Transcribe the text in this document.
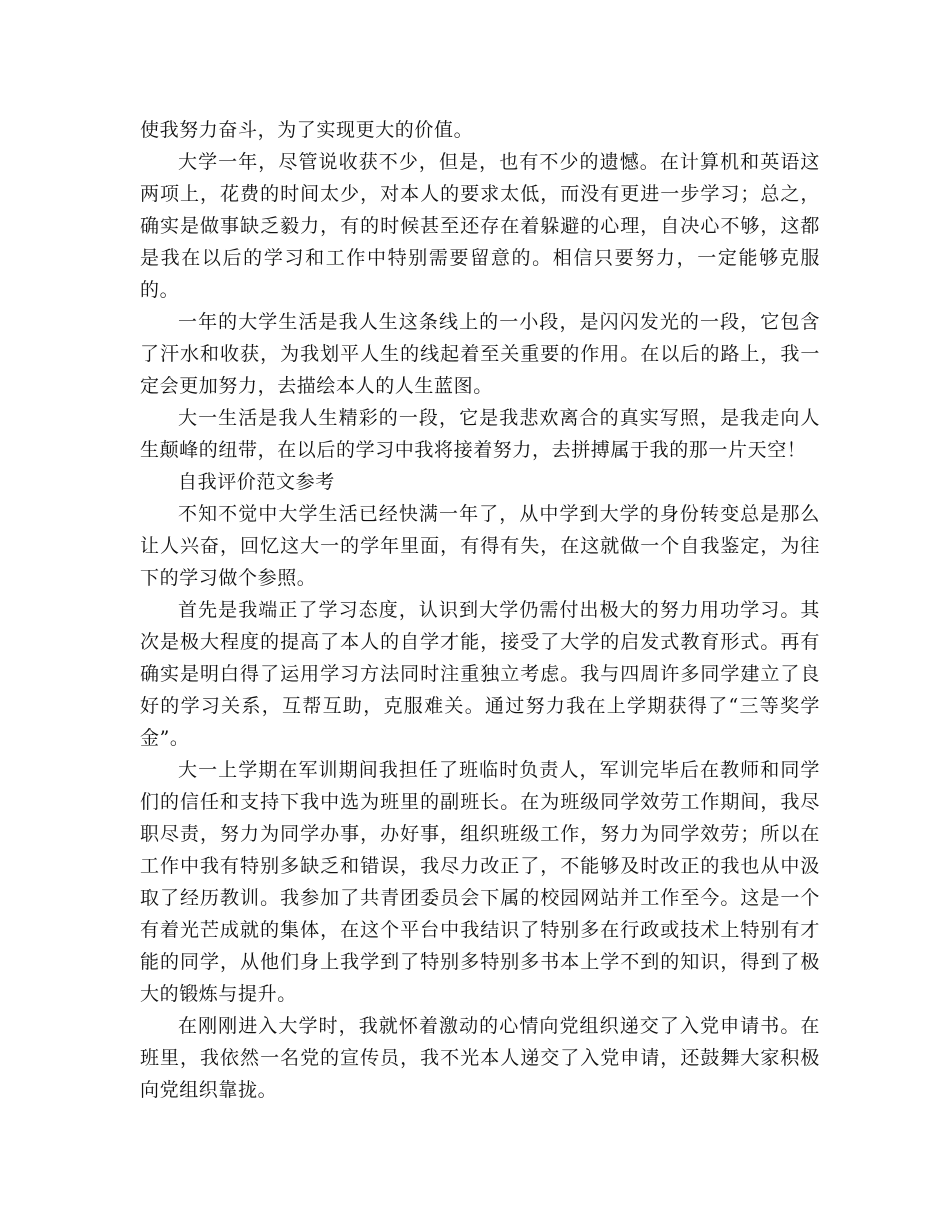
使我努力奋斗，为了实现更大的价值。

大学一年，尽管说收获不少，但是，也有不少的遗憾。在计算机和英语这两项上，花费的时间太少，对本人的要求太低，而没有更进一步学习；总之，确实是做事缺乏毅力，有的时候甚至还存在着躲避的心理，自决心不够，这都是我在以后的学习和工作中特别需要留意的。相信只要努力，一定能够克服的。

一年的大学生活是我人生这条线上的一小段，是闪闪发光的一段，它包含了汗水和收获，为我划平人生的线起着至关重要的作用。在以后的路上，我一定会更加努力，去描绘本人的人生蓝图。

大一生活是我人生精彩的一段，它是我悲欢离合的真实写照，是我走向人生颠峰的纽带，在以后的学习中我将接着努力，去拼搏属于我的那一片天空！

自我评价范文参考

不知不觉中大学生活已经快满一年了，从中学到大学的身份转变总是那么让人兴奋，回忆这大一的学年里面，有得有失，在这就做一个自我鉴定，为往下的学习做个参照。

首先是我端正了学习态度，认识到大学仍需付出极大的努力用功学习。其次是极大程度的提高了本人的自学才能，接受了大学的启发式教育形式。再有确实是明白得了运用学习方法同时注重独立考虑。我与四周许多同学建立了良好的学习关系，互帮互助，克服难关。通过努力我在上学期获得了“三等奖学金”。

大一上学期在军训期间我担任了班临时负责人，军训完毕后在教师和同学们的信任和支持下我中选为班里的副班长。在为班级同学效劳工作期间，我尽职尽责，努力为同学办事，办好事，组织班级工作，努力为同学效劳；所以在工作中我有特别多缺乏和错误，我尽力改正了，不能够及时改正的我也从中汲取了经历教训。我参加了共青团委员会下属的校园网站并工作至今。这是一个有着光芒成就的集体，在这个平台中我结识了特别多在行政或技术上特别有才能的同学，从他们身上我学到了特别多特别多书本上学不到的知识，得到了极大的锻炼与提升。

在刚刚进入大学时，我就怀着激动的心情向党组织递交了入党申请书。在班里，我依然一名党的宣传员，我不光本人递交了入党申请，还鼓舞大家积极向党组织靠拢。
